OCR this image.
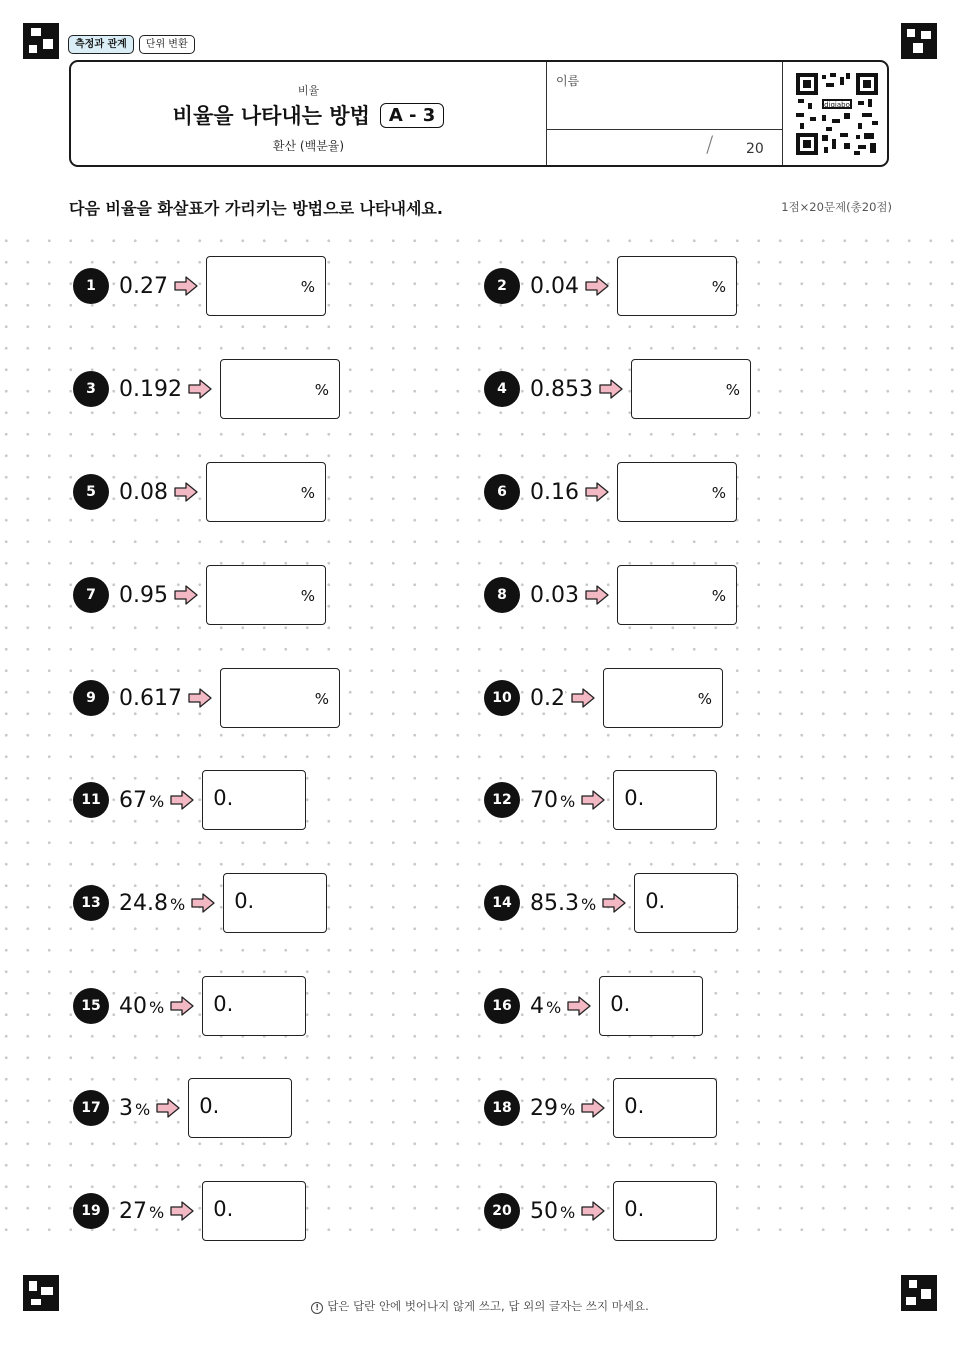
측정과 관계	단위 변환
비율
비율을 나타내는 방법	A - 3
환산 (백분율)
이름
/ 20
digiabo
다음 비율을 화살표가 가리키는 방법으로 나타내세요.	1점×20문제(총20점)
1	0.27	%	2	0.04	%
3	0.192	%	4	0.853	%
5	0.08	%	6	0.16	%
7	0.95	%	8	0.03	%
9	0.617	%	10 0.2	%
11 67 % 0.	12 70 % 0.
13 24.8 % 0.	14 85.3 % 0.
15 40 % 0.	16 4 % 0.
17 3 % 0.	18 29 % 0.
19 27 % 0.	20 50 % 0.
! 답은 답란 안에 벗어나지 않게 쓰고, 답 외의 글자는 쓰지 마세요.
